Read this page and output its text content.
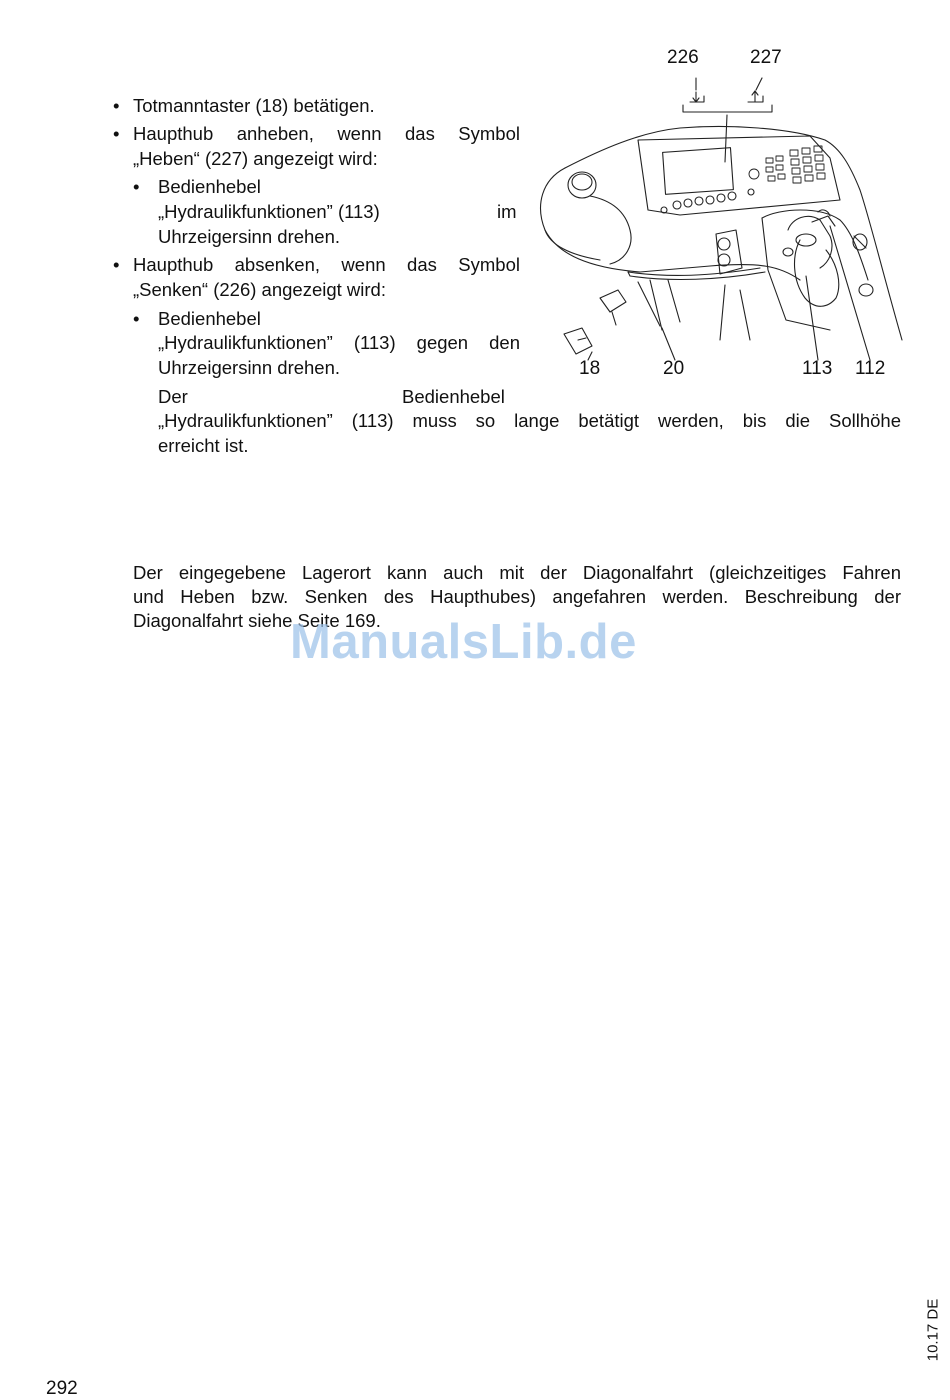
• Totmanntaster (18) betätigen.
• Haupthub anheben, wenn das Symbol
„Heben“ (227) angezeigt wird:
• Bedienhebel
„Hydraulikfunktionen” (113)	im
Uhrzeigersinn drehen.
• Haupthub absenken, wenn das Symbol
„Senken“ (226) angezeigt wird:
• Bedienhebel
„Hydraulikfunktionen” (113) gegen den
Uhrzeigersinn drehen.
Der	Bedienhebel
„Hydraulikfunktionen” (113) muss so lange betätigt werden, bis die Sollhöhe
erreicht ist.
Der eingegebene Lagerort kann auch mit der Diagonalfahrt (gleichzeitiges Fahren
und Heben bzw. Senken des Haupthubes) angefahren werden. Beschreibung der
Diagonalfahrt siehe Seite 169.
ManualsLib.de
226	227
18	20	113 112
10.17 DE
292
